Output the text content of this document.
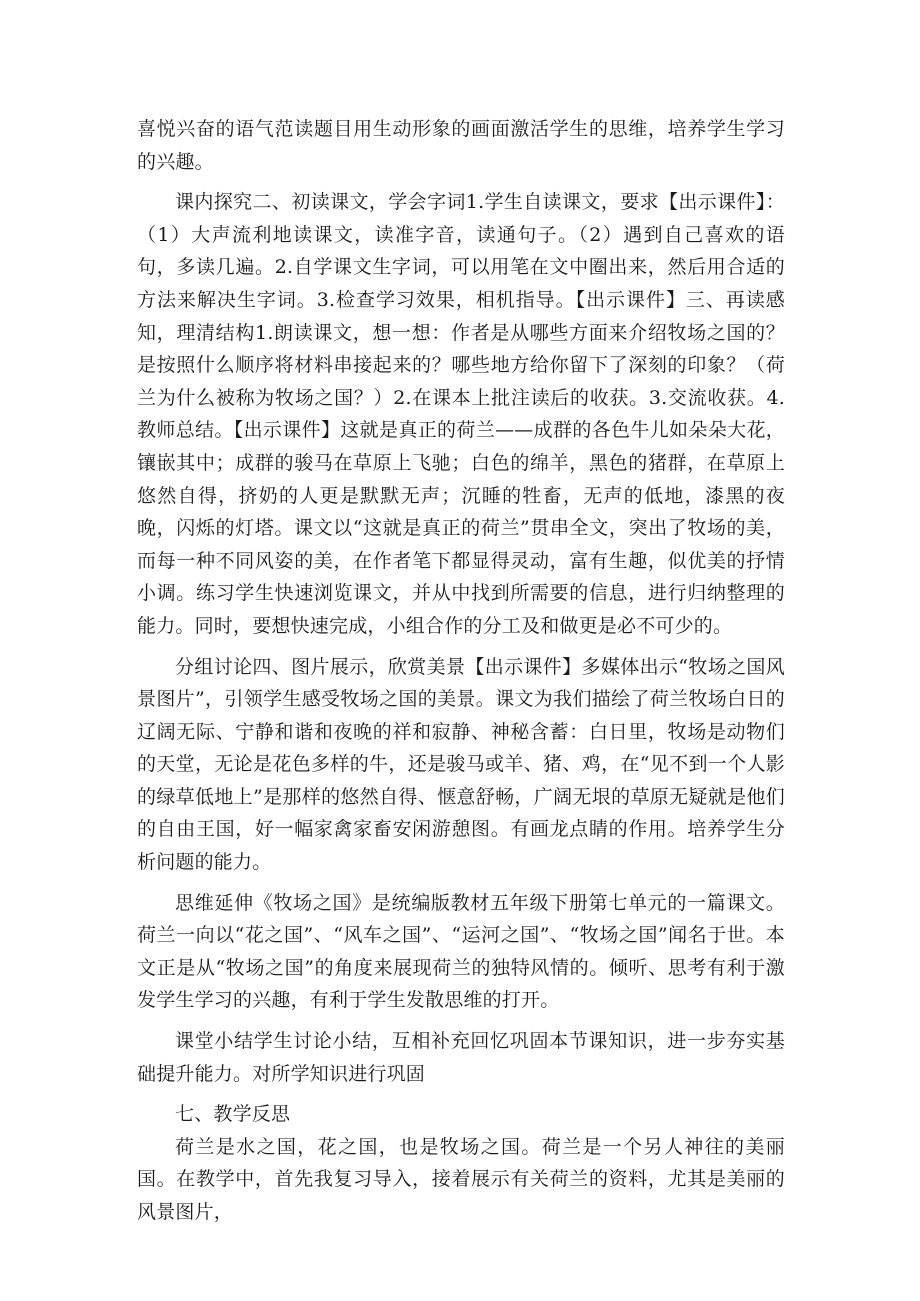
喜悦兴奋的语气范读题目用生动形象的画面激活学生的思维，培养学生学习的兴趣。

课内探究二、初读课文，学会字词1.学生自读课文，要求【出示课件】：（1）大声流利地读课文，读准字音，读通句子。（2）遇到自己喜欢的语句，多读几遍。2.自学课文生字词，可以用笔在文中圈出来，然后用合适的方法来解决生字词。3.检查学习效果，相机指导。【出示课件】三、再读感知，理清结构1.朗读课文，想一想：作者是从哪些方面来介绍牧场之国的？是按照什么顺序将材料串接起来的？哪些地方给你留下了深刻的印象？（荷兰为什么被称为牧场之国？）2.在课本上批注读后的收获。3.交流收获。4.教师总结。【出示课件】这就是真正的荷兰——成群的各色牛儿如朵朵大花，镶嵌其中；成群的骏马在草原上飞驰；白色的绵羊，黑色的猪群，在草原上悠然自得，挤奶的人更是默默无声；沉睡的牲畜，无声的低地，漆黑的夜晚，闪烁的灯塔。课文以“这就是真正的荷兰”贯串全文，突出了牧场的美，而每一种不同风姿的美，在作者笔下都显得灵动，富有生趣，似优美的抒情小调。练习学生快速浏览课文，并从中找到所需要的信息，进行归纳整理的能力。同时，要想快速完成，小组合作的分工及和做更是必不可少的。

分组讨论四、图片展示，欣赏美景【出示课件】多媒体出示“牧场之国风景图片”，引领学生感受牧场之国的美景。课文为我们描绘了荷兰牧场白日的辽阔无际、宁静和谐和夜晚的祥和寂静、神秘含蓄：白日里，牧场是动物们的天堂，无论是花色多样的牛，还是骏马或羊、猪、鸡，在“见不到一个人影的绿草低地上”是那样的悠然自得、惬意舒畅，广阔无垠的草原无疑就是他们的自由王国，好一幅家禽家畜安闲游憩图。有画龙点睛的作用。培养学生分析问题的能力。

思维延伸《牧场之国》是统编版教材五年级下册第七单元的一篇课文。荷兰一向以“花之国”、“风车之国”、“运河之国”、“牧场之国”闻名于世。本文正是从“牧场之国”的角度来展现荷兰的独特风情的。倾听、思考有利于激发学生学习的兴趣，有利于学生发散思维的打开。

课堂小结学生讨论小结，互相补充回忆巩固本节课知识，进一步夯实基础提升能力。对所学知识进行巩固

七、教学反思

荷兰是水之国，花之国，也是牧场之国。荷兰是一个另人神往的美丽国。在教学中，首先我复习导入，接着展示有关荷兰的资料，尤其是美丽的风景图片，
